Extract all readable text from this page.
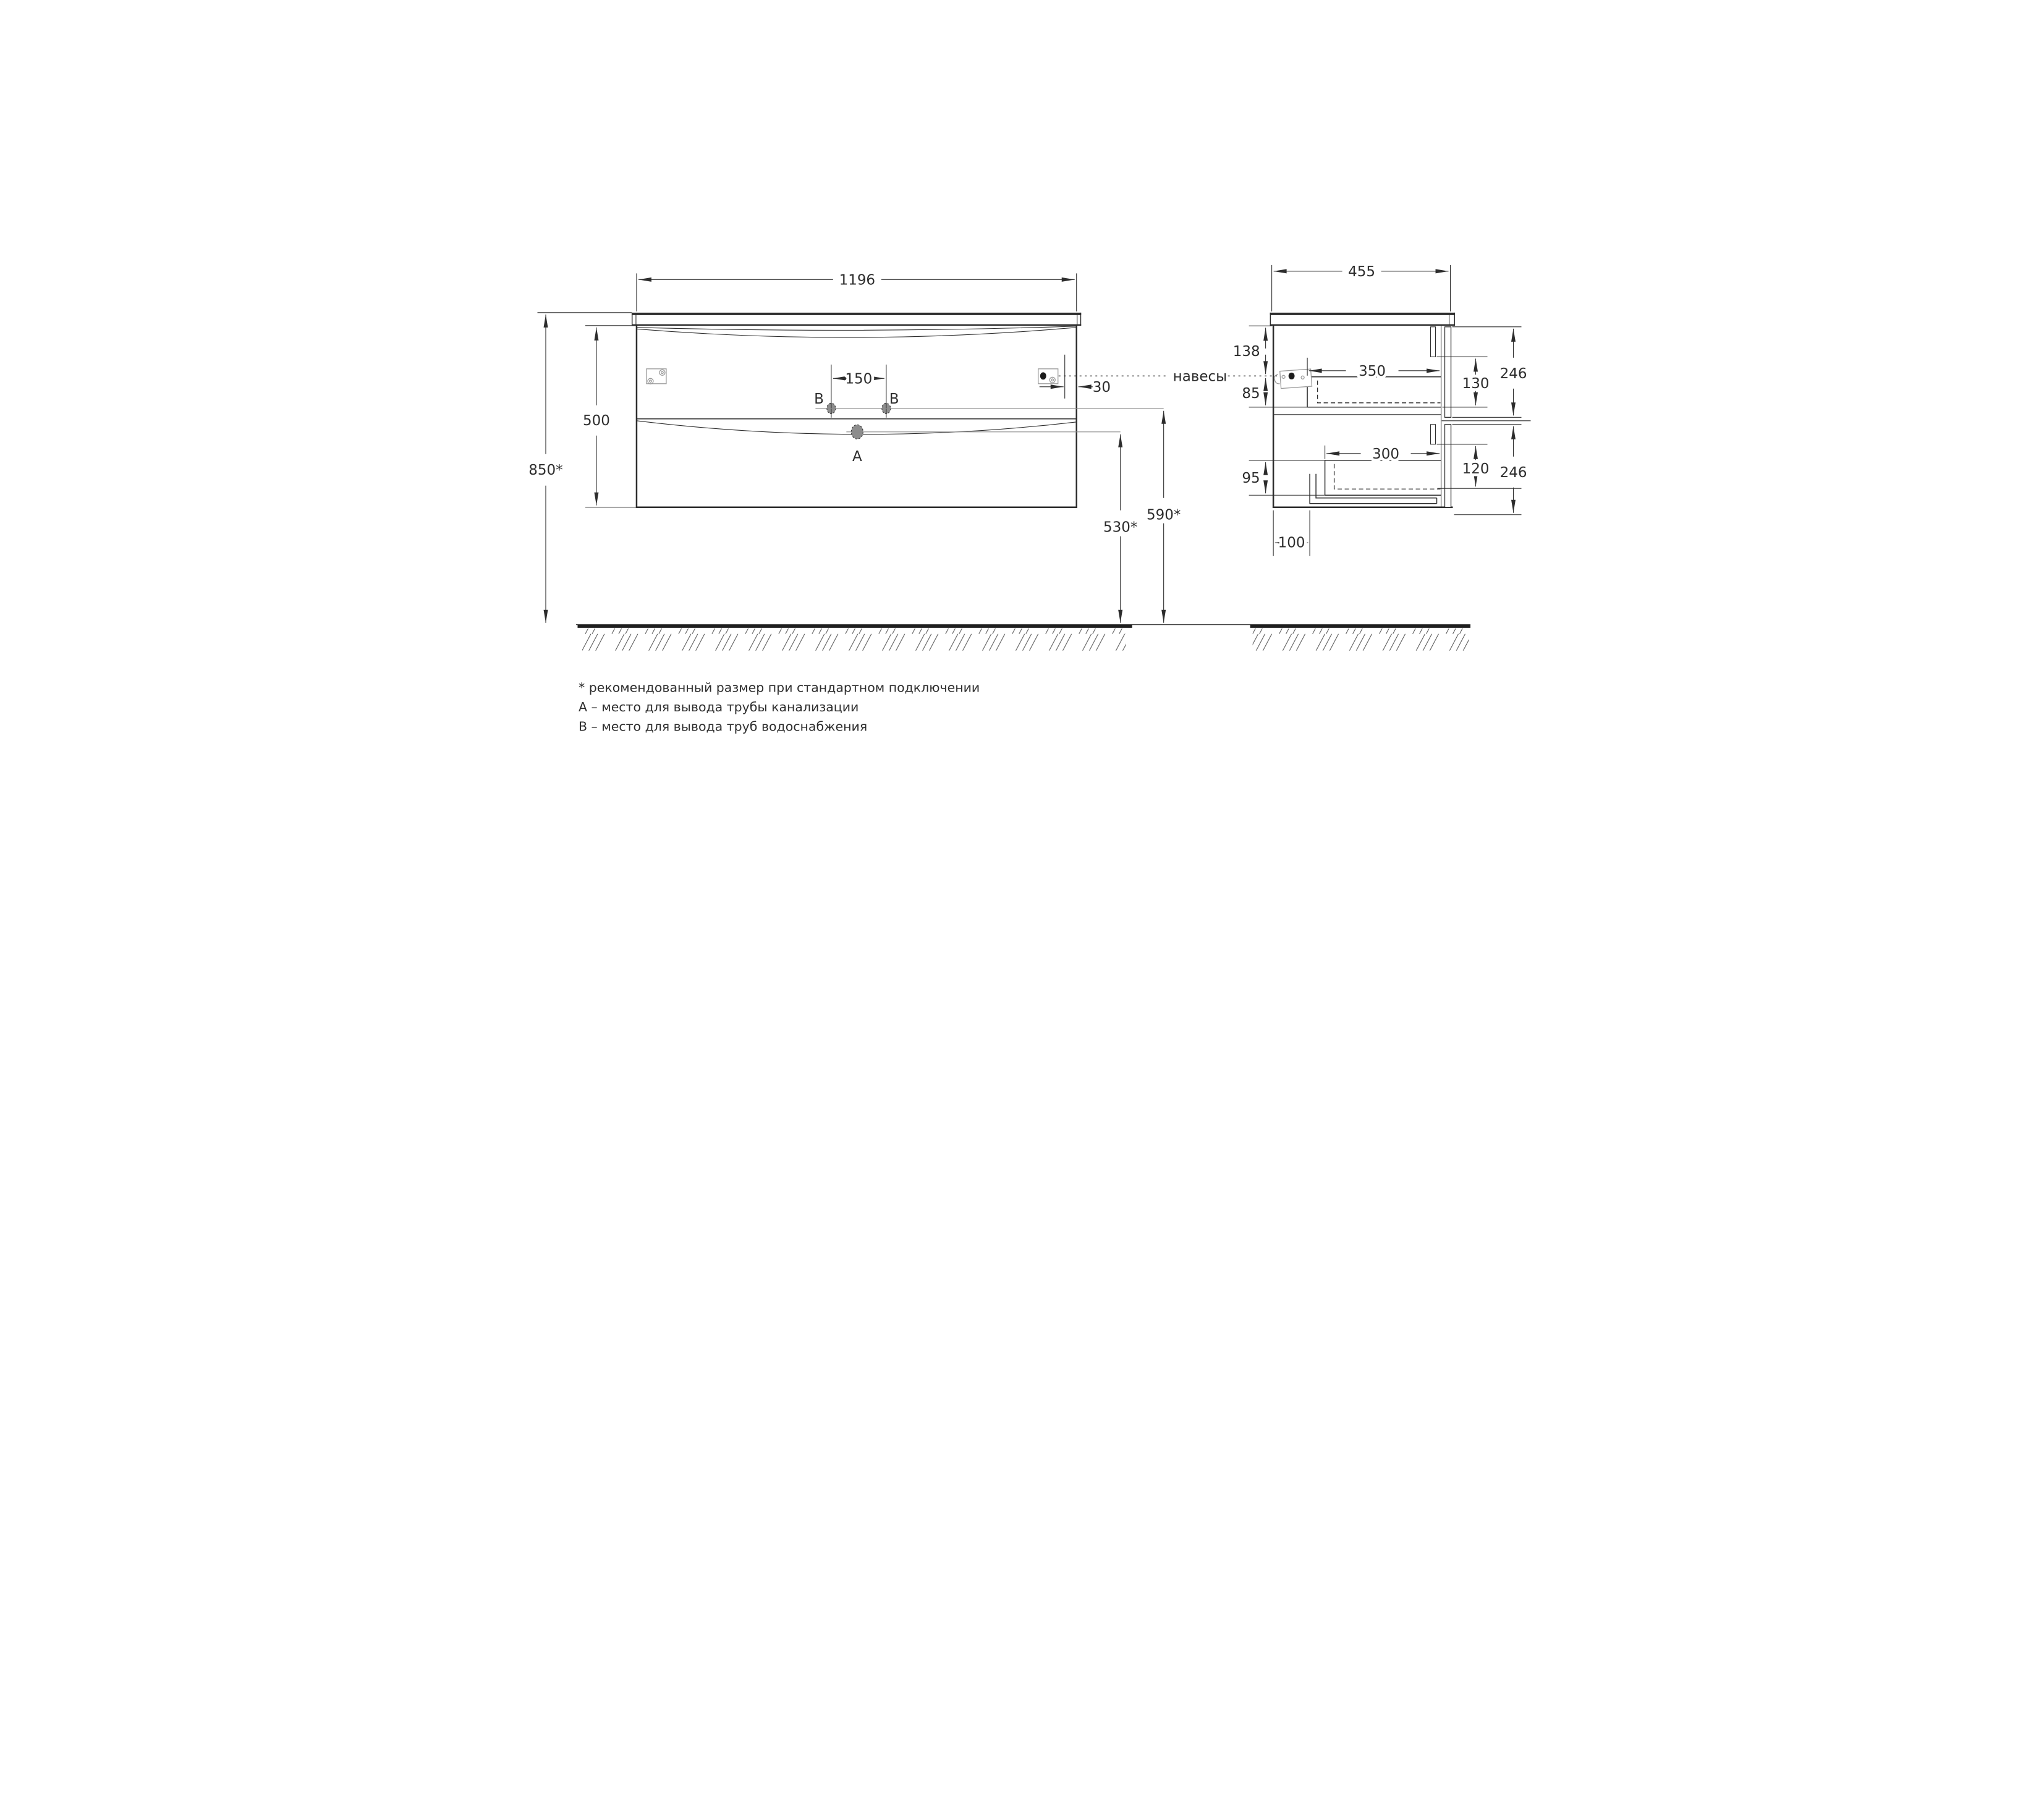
1196
30
150
В В
А
850*
500
530*
590*
навесы
455
138
85
95
350
300
100
130
120
246
246
* рекомендованный размер при стандартном подключении
А – место для вывода трубы канализации
В – место для вывода труб водоснабжения
